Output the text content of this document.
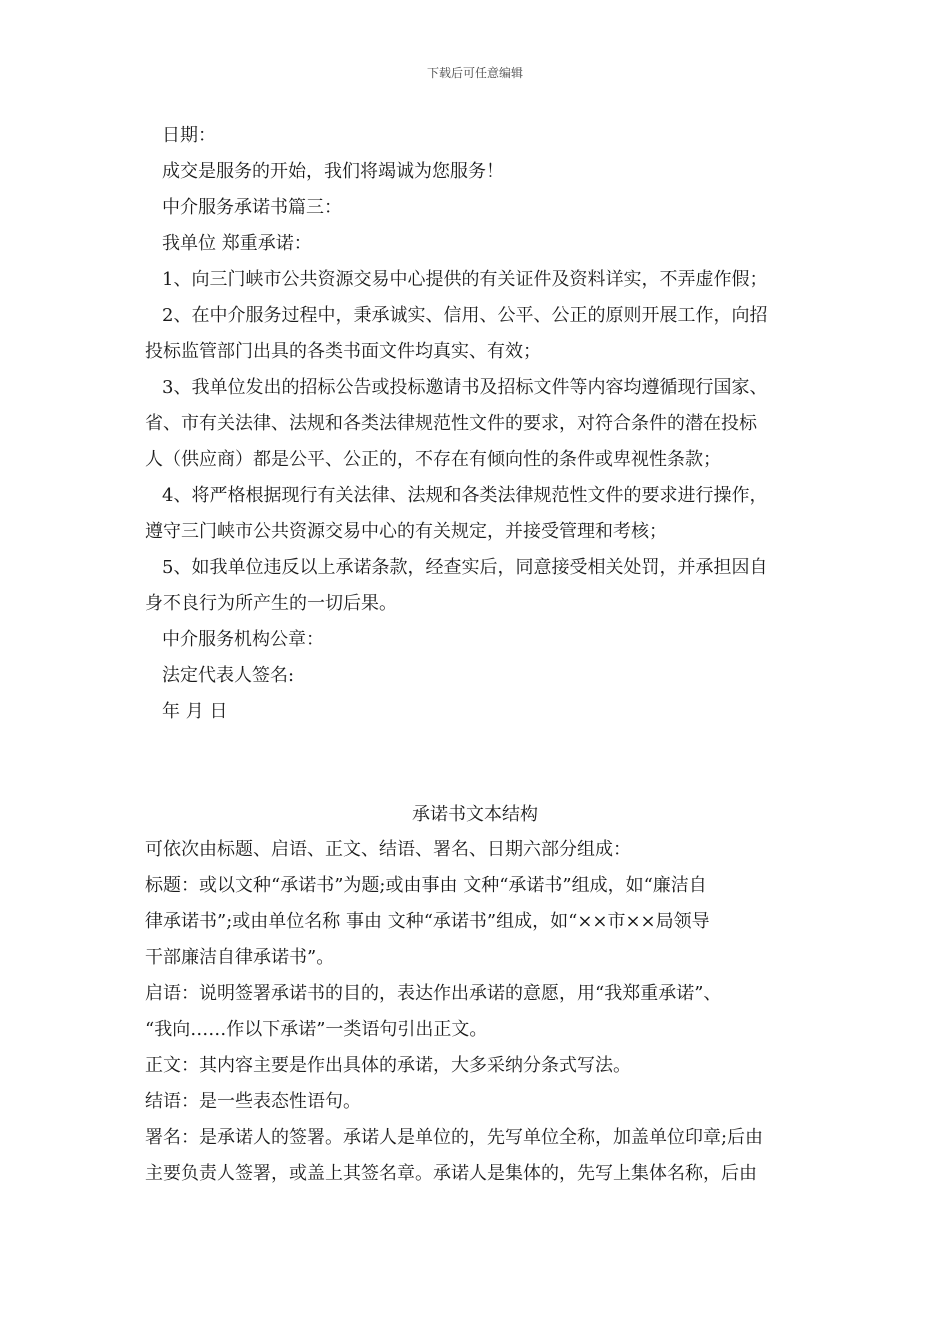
下载后可任意编辑
日期：
成交是服务的开始，我们将竭诚为您服务！
中介服务承诺书篇三：
我单位 郑重承诺：
1、向三门峡市公共资源交易中心提供的有关证件及资料详实，不弄虚作假；
2、在中介服务过程中，秉承诚实、信用、公平、公正的原则开展工作，向招
投标监管部门出具的各类书面文件均真实、有效；
3、我单位发出的招标公告或投标邀请书及招标文件等内容均遵循现行国家、
省、市有关法律、法规和各类法律规范性文件的要求，对符合条件的潜在投标
人（供应商）都是公平、公正的，不存在有倾向性的条件或卑视性条款；
4、将严格根据现行有关法律、法规和各类法律规范性文件的要求进行操作，
遵守三门峡市公共资源交易中心的有关规定，并接受管理和考核；
5、如我单位违反以上承诺条款，经查实后，同意接受相关处罚，并承担因自
身不良行为所产生的一切后果。
中介服务机构公章：
法定代表人签名:
年 月 日
承诺书文本结构
可依次由标题、启语、正文、结语、署名、日期六部分组成：
标题：或以文种“承诺书”为题;或由事由 文种“承诺书”组成，如“廉洁自
律承诺书”;或由单位名称 事由 文种“承诺书”组成，如“××市××局领导
干部廉洁自律承诺书”。
启语：说明签署承诺书的目的，表达作出承诺的意愿，用“我郑重承诺”、
“我向……作以下承诺”一类语句引出正文。
正文：其内容主要是作出具体的承诺，大多采纳分条式写法。
结语：是一些表态性语句。
署名：是承诺人的签署。承诺人是单位的，先写单位全称，加盖单位印章;后由
主要负责人签署，或盖上其签名章。承诺人是集体的，先写上集体名称，后由
